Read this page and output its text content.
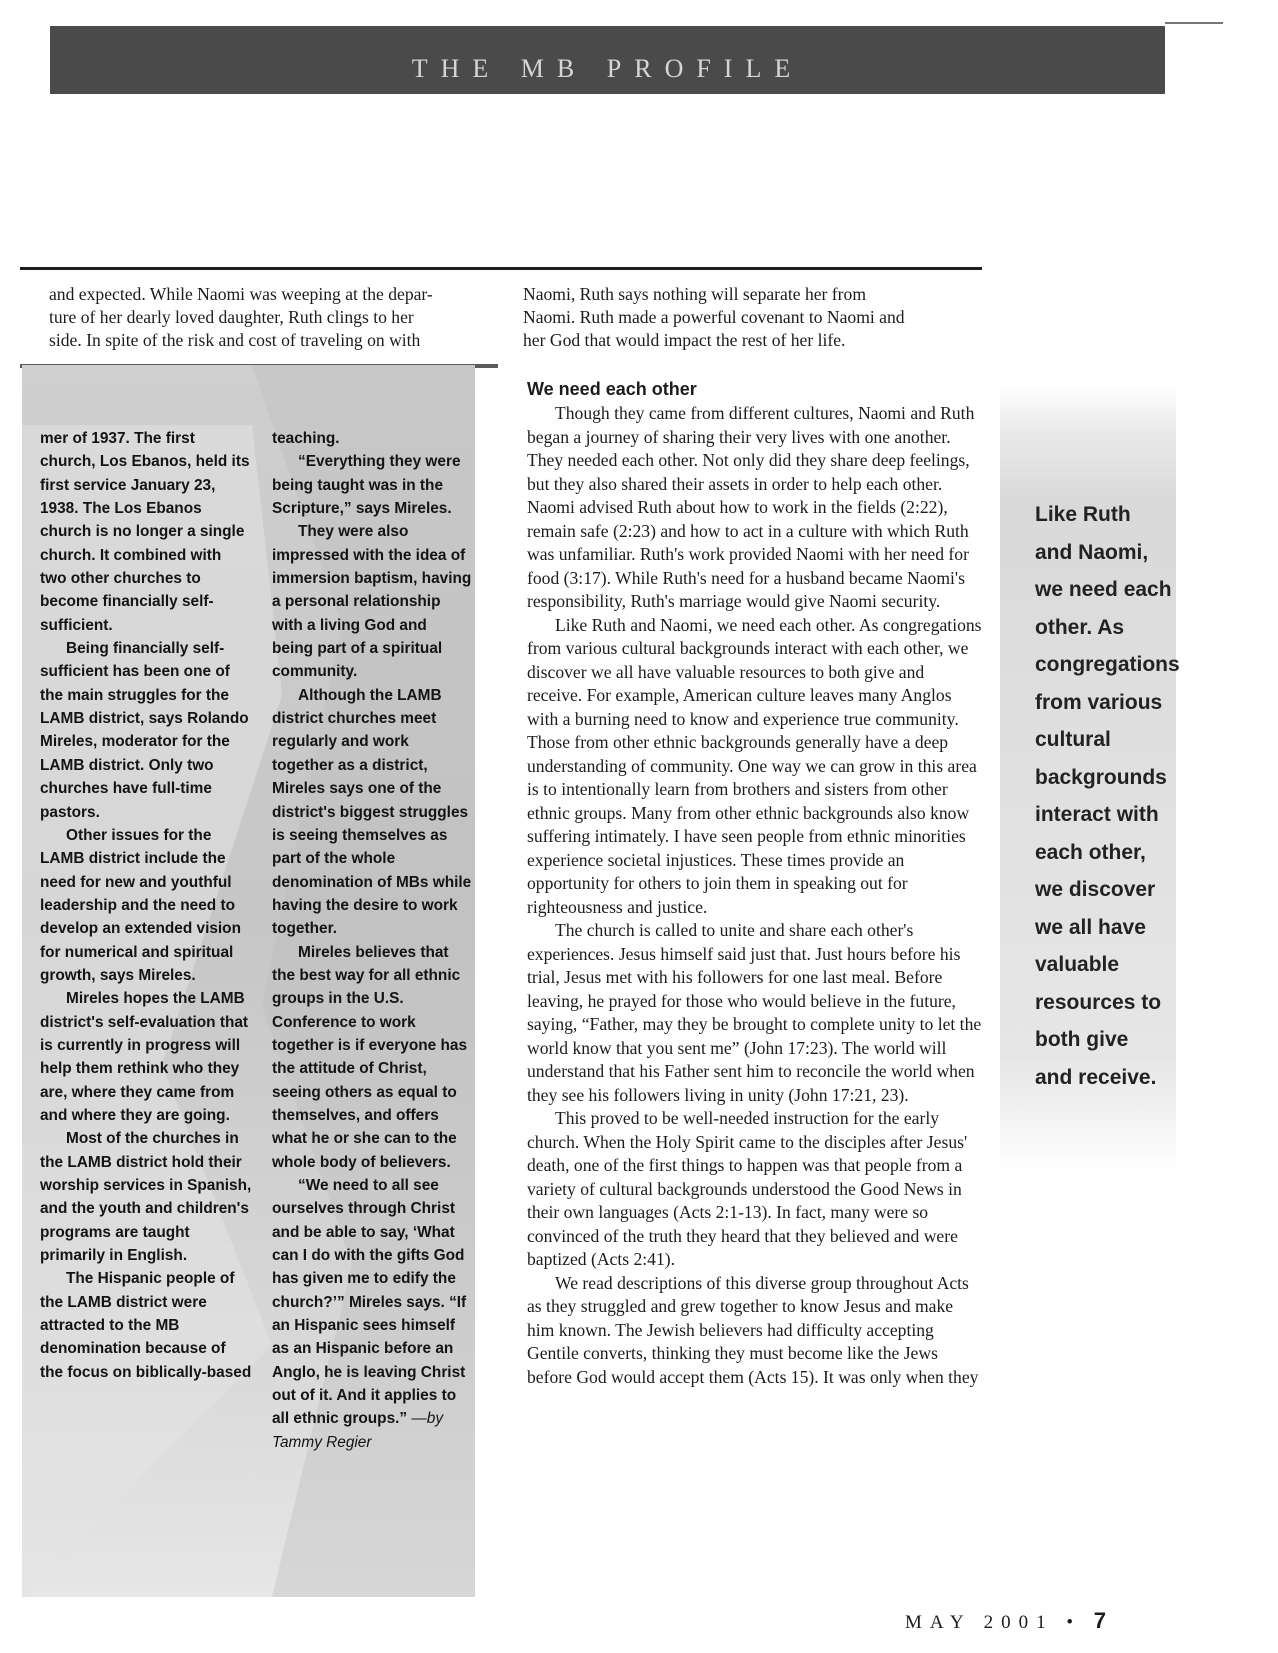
THE MB PROFILE

and expected. While Naomi was weeping at the depar-

ture of her dearly loved daughter, Ruth clings to her

side. In spite of the risk and cost of traveling on with

Naomi, Ruth says nothing will separate her from

Naomi. Ruth made a powerful covenant to Naomi and

her God that would impact the rest of her life.

mer of 1937. The first church, Los Ebanos, held its first service January 23, 1938. The Los Ebanos church is no longer a single church. It combined with two other churches to become financially self-sufficient.

Being financially self-sufficient has been one of the main struggles for the LAMB district, says Rolando Mireles, moderator for the LAMB district. Only two churches have full-time pastors.

Other issues for the LAMB district include the need for new and youthful leadership and the need to develop an extended vision for numerical and spiritual growth, says Mireles.

Mireles hopes the LAMB district's self-evaluation that is currently in progress will help them rethink who they are, where they came from and where they are going.

Most of the churches in the LAMB district hold their worship services in Spanish, and the youth and children's programs are taught primarily in English.

The Hispanic people of the LAMB district were attracted to the MB denomination because of the focus on biblically-based

teaching.

“Everything they were being taught was in the Scripture,” says Mireles.

They were also impressed with the idea of immersion baptism, having a personal relationship with a living God and being part of a spiritual community.

Although the LAMB district churches meet regularly and work together as a district, Mireles says one of the district's biggest struggles is seeing themselves as part of the whole denomination of MBs while having the desire to work together.

Mireles believes that the best way for all ethnic groups in the U.S. Conference to work together is if everyone has the attitude of Christ, seeing others as equal to themselves, and offers what he or she can to the whole body of believers.

“We need to all see ourselves through Christ and be able to say, ‘What can I do with the gifts God has given me to edify the church?’” Mireles says. “If an Hispanic sees himself as an Hispanic before an Anglo, he is leaving Christ out of it. And it applies to all ethnic groups.” —by Tammy Regier

We need each other

Though they came from different cultures, Naomi and Ruth began a journey of sharing their very lives with one another. They needed each other. Not only did they share deep feelings, but they also shared their assets in order to help each other. Naomi advised Ruth about how to work in the fields (2:22), remain safe (2:23) and how to act in a culture with which Ruth was unfamiliar. Ruth's work provided Naomi with her need for food (3:17). While Ruth's need for a husband became Naomi's responsibility, Ruth's marriage would give Naomi security.

Like Ruth and Naomi, we need each other. As congregations from various cultural backgrounds interact with each other, we discover we all have valuable resources to both give and receive. For example, American culture leaves many Anglos with a burning need to know and experience true community. Those from other ethnic backgrounds generally have a deep understanding of community. One way we can grow in this area is to intentionally learn from brothers and sisters from other ethnic groups. Many from other ethnic backgrounds also know suffering intimately. I have seen people from ethnic minorities experience societal injustices. These times provide an opportunity for others to join them in speaking out for righteousness and justice.

The church is called to unite and share each other's experiences. Jesus himself said just that. Just hours before his trial, Jesus met with his followers for one last meal. Before leaving, he prayed for those who would believe in the future, saying, “Father, may they be brought to complete unity to let the world know that you sent me” (John 17:23). The world will understand that his Father sent him to reconcile the world when they see his followers living in unity (John 17:21, 23).

This proved to be well-needed instruction for the early church. When the Holy Spirit came to the disciples after Jesus' death, one of the first things to happen was that people from a variety of cultural backgrounds understood the Good News in their own languages (Acts 2:1-13). In fact, many were so convinced of the truth they heard that they believed and were baptized (Acts 2:41).

We read descriptions of this diverse group throughout Acts as they struggled and grew together to know Jesus and make him known. The Jewish believers had difficulty accepting Gentile converts, thinking they must become like the Jews before God would accept them (Acts 15). It was only when they

Like Ruth
and Naomi,
we need each
other. As
congregations
from various
cultural
backgrounds
interact with
each other,
we discover
we all have
valuable
resources to
both give
and receive.
MAY 2001 • 7
